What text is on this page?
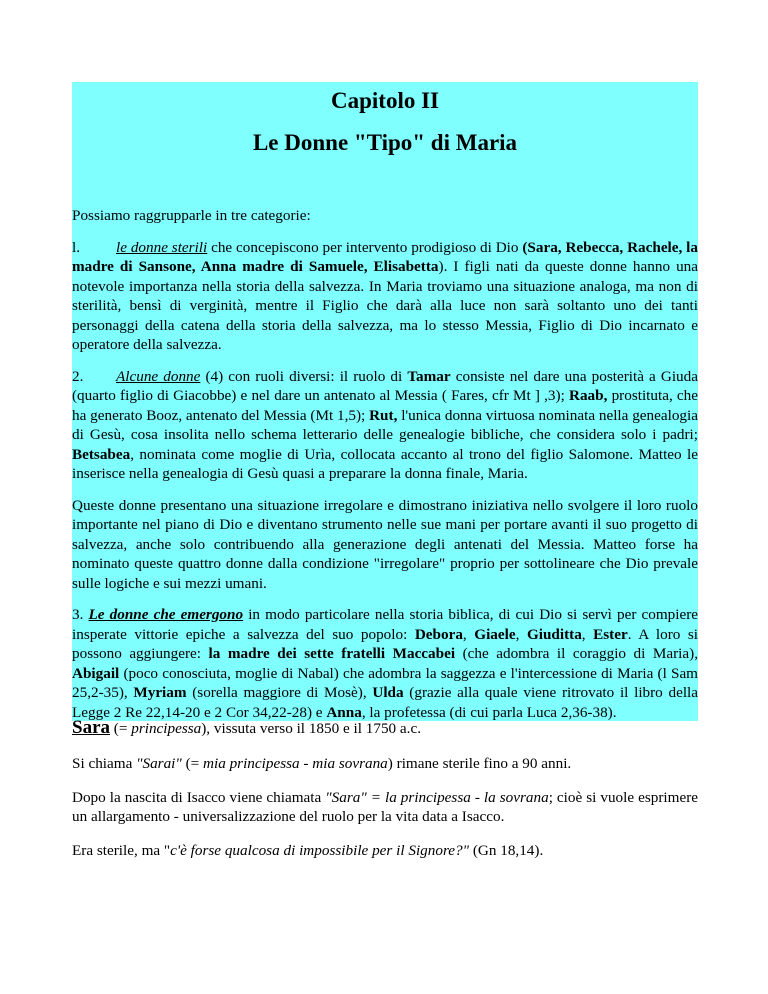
Capitolo II
Le Donne "Tipo" di Maria

Possiamo raggrupparle in tre categorie:

l. le donne sterili che concepiscono per intervento prodigioso di Dio (Sara, Rebecca, Rachele, la madre di Sansone, Anna madre di Samuele, Elisabetta). I figli nati da queste donne hanno una notevole importanza nella storia della salvezza. In Maria troviamo una situazione analoga, ma non di sterilità, bensì di verginità, mentre il Figlio che darà alla luce non sarà soltanto uno dei tanti personaggi della catena della storia della salvezza, ma lo stesso Messia, Figlio di Dio incarnato e operatore della salvezza.

2. Alcune donne (4) con ruoli diversi: il ruolo di Tamar consiste nel dare una posterità a Giuda (quarto figlio di Giacobbe) e nel dare un antenato al Messia ( Fares, cfr Mt ] ,3); Raab, prostituta, che ha generato Booz, antenato del Messia (Mt 1,5); Rut, l'unica donna virtuosa nominata nella genealogia di Gesù, cosa insolita nello schema letterario delle genealogie bibliche, che considera solo i padri; Betsabea, nominata come moglie di Urìa, collocata accanto al trono del figlio Salomone. Matteo le inserisce nella genealogia di Gesù quasi a preparare la donna finale, Maria.

Queste donne presentano una situazione irregolare e dimostrano iniziativa nello svolgere il loro ruolo importante nel piano di Dio e diventano strumento nelle sue mani per portare avanti il suo progetto di salvezza, anche solo contribuendo alla generazione degli antenati del Messia. Matteo forse ha nominato queste quattro donne dalla condizione "irregolare" proprio per sottolineare che Dio prevale sulle logiche e sui mezzi umani.

3. Le donne che emergono in modo particolare nella storia biblica, di cui Dio si servì per compiere insperate vittorie epiche a salvezza del suo popolo: Debora, Giaele, Giuditta, Ester. A loro si possono aggiungere: la madre dei sette fratelli Maccabei (che adombra il coraggio di Maria), Abigail (poco conosciuta, moglie di Nabal) che adombra la saggezza e l'intercessione di Maria (l Sam 25,2-35), Myriam (sorella maggiore di Mosè), Ulda (grazie alla quale viene ritrovato il libro della Legge 2 Re 22,14-20 e 2 Cor 34,22-28) e Anna, la profetessa (di cui parla Luca 2,36-38).

Sara (= principessa), vissuta verso il 1850 e il 1750 a.c.

Si chiama "Sarai" (= mia principessa - mia sovrana) rimane sterile fino a 90 anni.

Dopo la nascita di Isacco viene chiamata "Sara" = la principessa - la sovrana; cioè si vuole esprimere un allargamento - universalizzazione del ruolo per la vita data a Isacco.

Era sterile, ma "c'è forse qualcosa di impossibile per il Signore?" (Gn 18,14).
